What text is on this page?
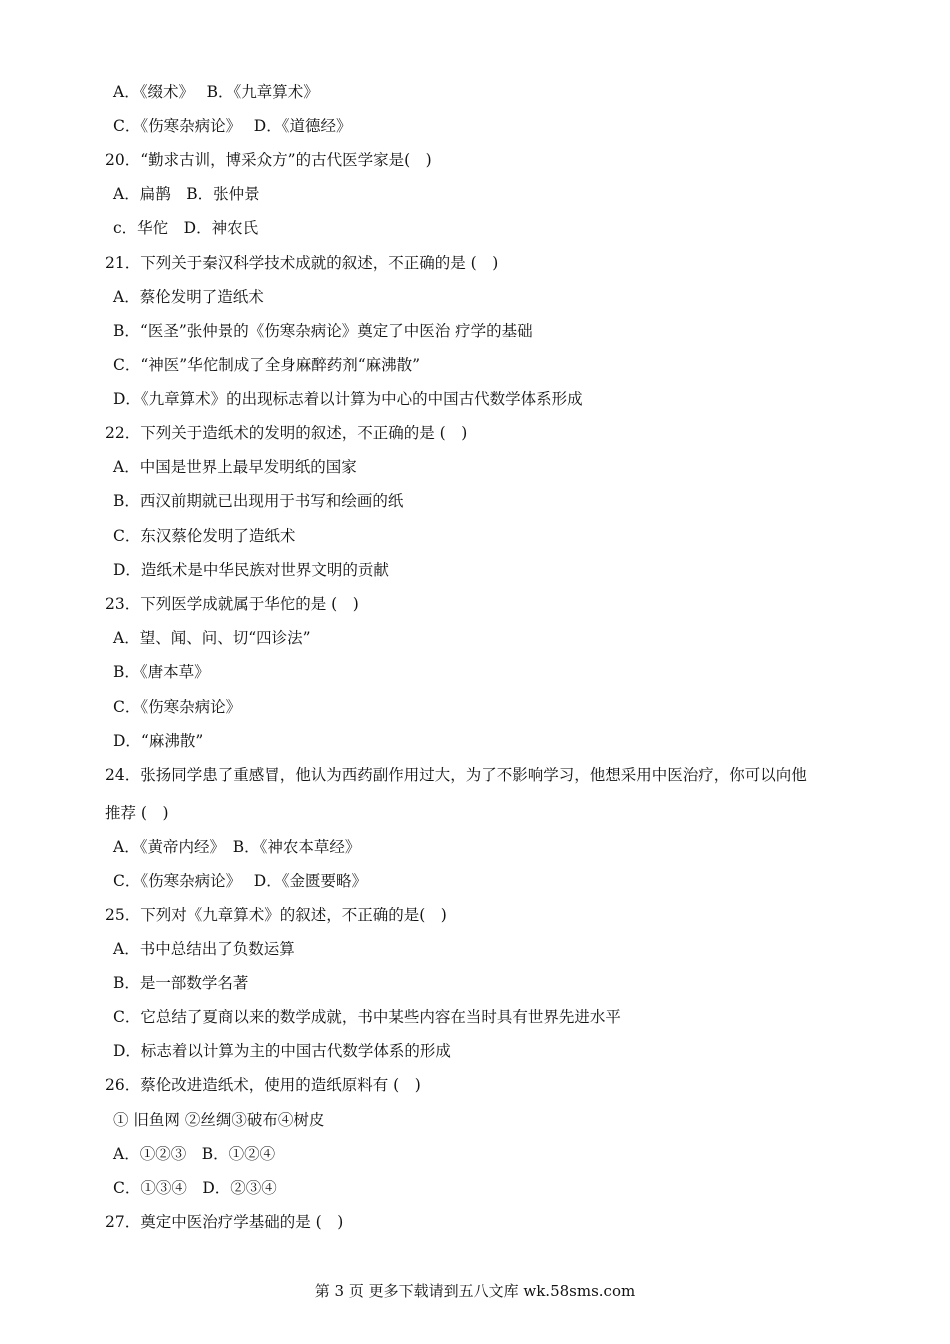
A．《缀术》　 B．《九章算术》
C．《伤寒杂病论》　 D．《道德经》
20．“勤求古训，博采众方”的古代医学家是(　)
A．扁鹊　B．张仲景
c．华佗　D．神农氏
21．下列关于秦汉科学技术成就的叙述，不正确的是 (　)
A．蔡伦发明了造纸术
B．“医圣”张仲景的《伤寒杂病论》奠定了中医治 疗学的基础
C．“神医”华佗制成了全身麻醉药剂“麻沸散”
D．《九章算术》的出现标志着以计算为中心的中国古代数学体系形成
22．下列关于造纸术的发明的叙述，不正确的是 (　)
A．中国是世界上最早发明纸的国家
B．西汉前期就已出现用于书写和绘画的纸
C．东汉蔡伦发明了造纸术
D．造纸术是中华民族对世界文明的贡献
23．下列医学成就属于华佗的是 (　)
A．望、闻、问、切“四诊法”
B．《唐本草》
C．《伤寒杂病论》
D．“麻沸散”
24．张扬同学患了重感冒，他认为西药副作用过大，为了不影响学习，他想采用中医治疗，你可以向他
推荐 (　)
A．《黄帝内经》　B．《神农本草经》
C．《伤寒杂病论》　 D．《金匮要略》
25．下列对《九章算术》的叙述，不正确的是(　)
A．书中总结出了负数运算
B．是一部数学名著
C．它总结了夏商以来的数学成就，书中某些内容在当时具有世界先进水平
D．标志着以计算为主的中国古代数学体系的形成
26．蔡伦改进造纸术，使用的造纸原料有 (　)
① 旧鱼网 ②丝绸③破布④树皮
A．①②③　B．①②④
C．①③④　D．②③④
27．奠定中医治疗学基础的是 (　)
第 3 页 更多下载请到五八文库 wk.58sms.com
